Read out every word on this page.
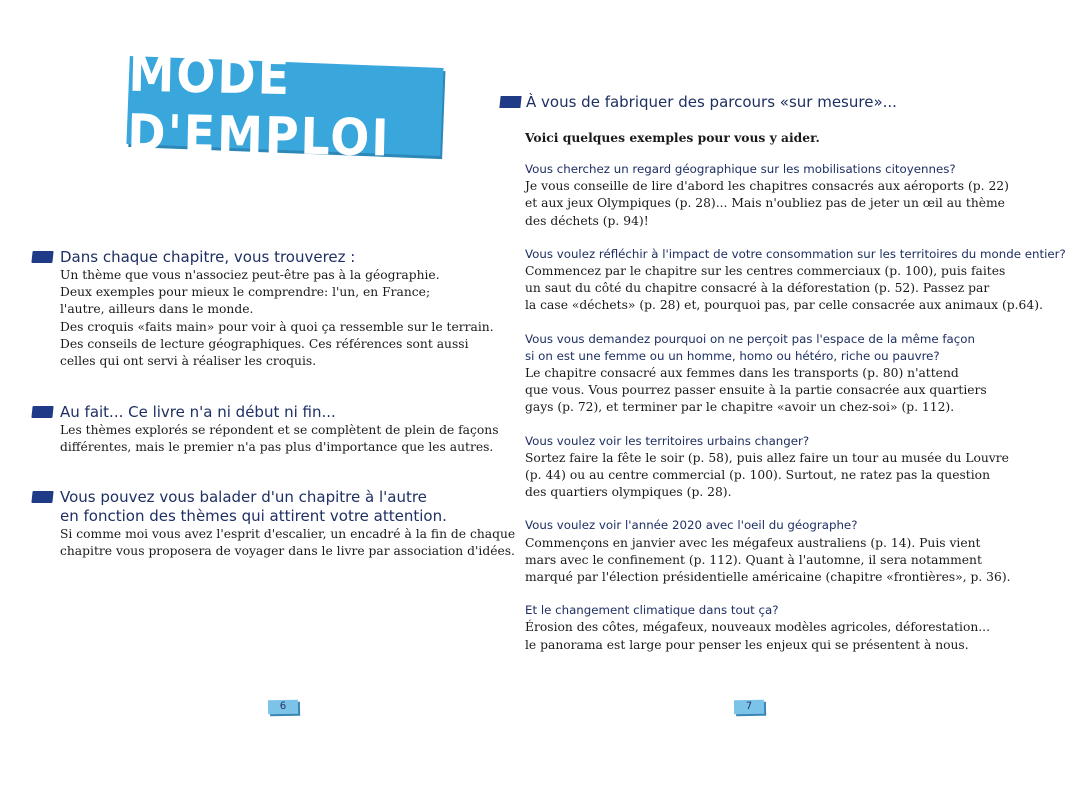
MODE D'EMPLOI
Dans chaque chapitre, vous trouverez :
Un thème que vous n'associez peut-être pas à la géographie.
Deux exemples pour mieux le comprendre: l'un, en France;
l'autre, ailleurs dans le monde.
Des croquis «faits main» pour voir à quoi ça ressemble sur le terrain.
Des conseils de lecture géographiques. Ces références sont aussi
celles qui ont servi à réaliser les croquis.
Au fait... Ce livre n'a ni début ni fin...
Les thèmes explorés se répondent et se complètent de plein de façons
différentes, mais le premier n'a pas plus d'importance que les autres.
Vous pouvez vous balader d'un chapitre à l'autre
en fonction des thèmes qui attirent votre attention.
Si comme moi vous avez l'esprit d'escalier, un encadré à la fin de chaque
chapitre vous proposera de voyager dans le livre par association d'idées.
6
À vous de fabriquer des parcours «sur mesure»...
Voici quelques exemples pour vous y aider.
Vous cherchez un regard géographique sur les mobilisations citoyennes?
Je vous conseille de lire d'abord les chapitres consacrés aux aéroports (p. 22)
et aux jeux Olympiques (p. 28)... Mais n'oubliez pas de jeter un œil au thème
des déchets (p. 94)!
Vous voulez réfléchir à l'impact de votre consommation sur les territoires du monde entier?
Commencez par le chapitre sur les centres commerciaux (p. 100), puis faites
un saut du côté du chapitre consacré à la déforestation (p. 52). Passez par
la case «déchets» (p. 28) et, pourquoi pas, par celle consacrée aux animaux (p.64).
Vous vous demandez pourquoi on ne perçoit pas l'espace de la même façon
si on est une femme ou un homme, homo ou hétéro, riche ou pauvre?
Le chapitre consacré aux femmes dans les transports (p. 80) n'attend
que vous. Vous pourrez passer ensuite à la partie consacrée aux quartiers
gays (p. 72), et terminer par le chapitre «avoir un chez-soi» (p. 112).
Vous voulez voir les territoires urbains changer?
Sortez faire la fête le soir (p. 58), puis allez faire un tour au musée du Louvre
(p. 44) ou au centre commercial (p. 100). Surtout, ne ratez pas la question
des quartiers olympiques (p. 28).
Vous voulez voir l'année 2020 avec l'oeil du géographe?
Commençons en janvier avec les mégafeux australiens (p. 14). Puis vient
mars avec le confinement (p. 112). Quant à l'automne, il sera notamment
marqué par l'élection présidentielle américaine (chapitre «frontières», p. 36).
Et le changement climatique dans tout ça?
Érosion des côtes, mégafeux, nouveaux modèles agricoles, déforestation...
le panorama est large pour penser les enjeux qui se présentent à nous.
7
